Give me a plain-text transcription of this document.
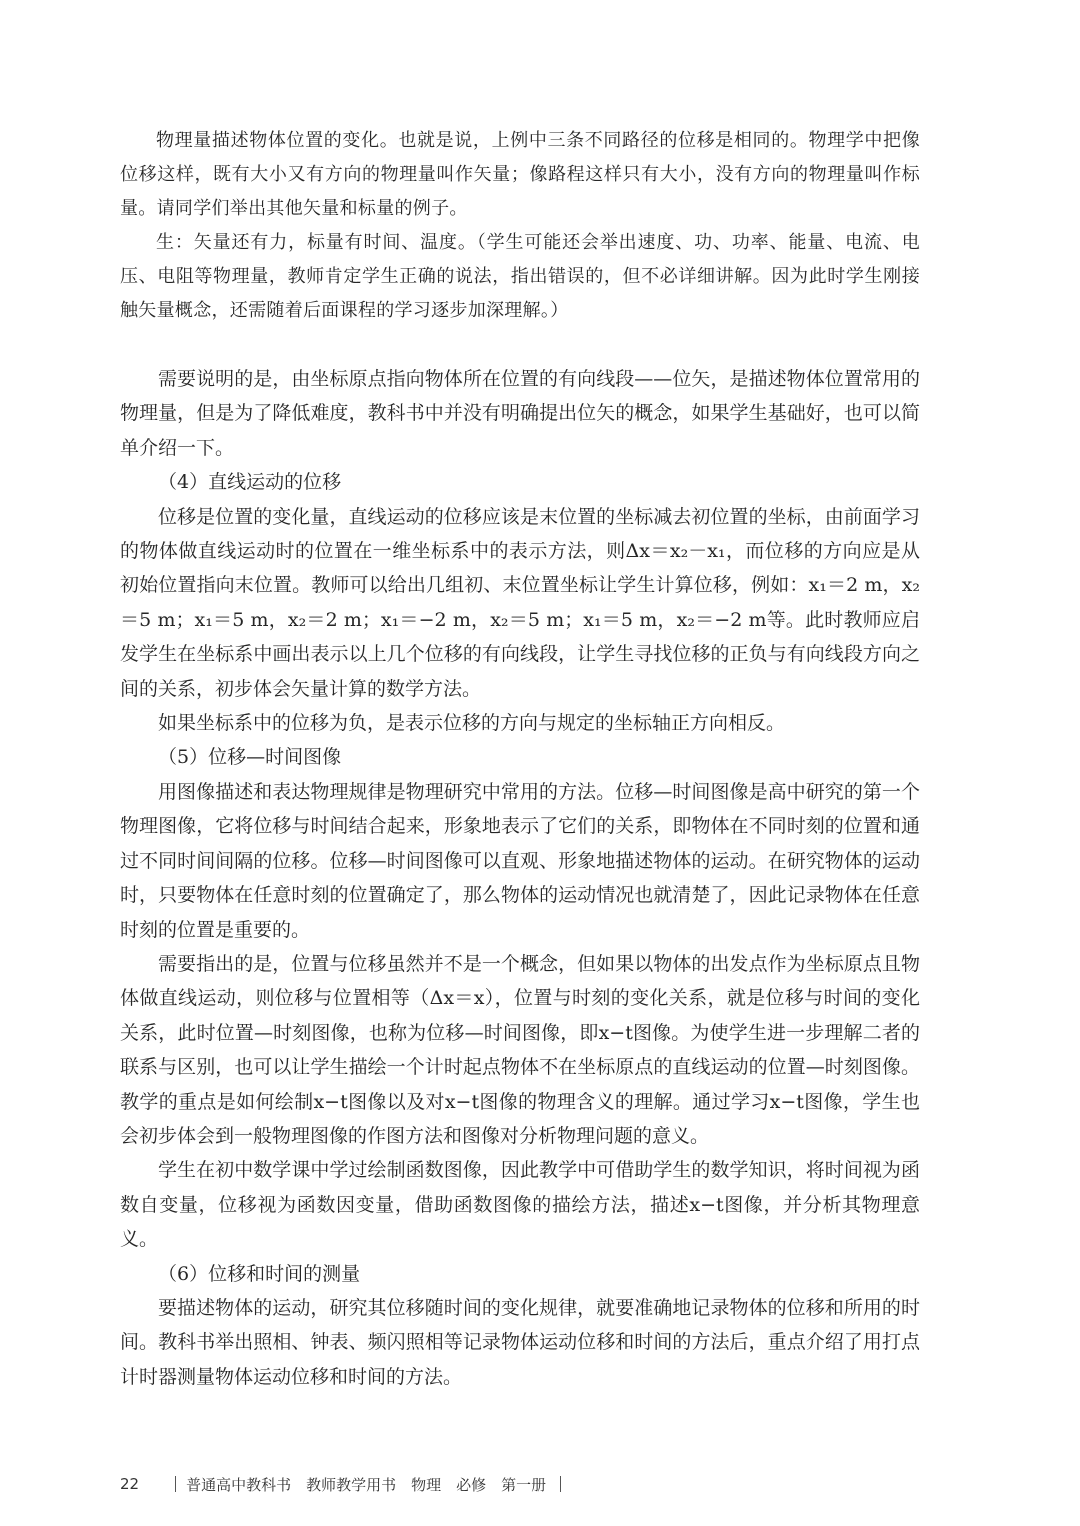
物理量描述物体位置的变化。也就是说，上例中三条不同路径的位移是相同的。物理学中把像位移这样，既有大小又有方向的物理量叫作矢量；像路程这样只有大小，没有方向的物理量叫作标量。请同学们举出其他矢量和标量的例子。

生：矢量还有力，标量有时间、温度。（学生可能还会举出速度、功、功率、能量、电流、电压、电阻等物理量，教师肯定学生正确的说法，指出错误的，但不必详细讲解。因为此时学生刚接触矢量概念，还需随着后面课程的学习逐步加深理解。）

需要说明的是，由坐标原点指向物体所在位置的有向线段——位矢，是描述物体位置常用的物理量，但是为了降低难度，教科书中并没有明确提出位矢的概念，如果学生基础好，也可以简单介绍一下。

（4）直线运动的位移

位移是位置的变化量，直线运动的位移应该是末位置的坐标减去初位置的坐标，由前面学习的物体做直线运动时的位置在一维坐标系中的表示方法，则Δx＝x₂－x₁，而位移的方向应是从初始位置指向末位置。教师可以给出几组初、末位置坐标让学生计算位移，例如：x₁＝2 m，x₂＝5 m；x₁＝5 m，x₂＝2 m；x₁＝−2 m，x₂＝5 m；x₁＝5 m，x₂＝−2 m等。此时教师应启发学生在坐标系中画出表示以上几个位移的有向线段，让学生寻找位移的正负与有向线段方向之间的关系，初步体会矢量计算的数学方法。

如果坐标系中的位移为负，是表示位移的方向与规定的坐标轴正方向相反。

（5）位移—时间图像

用图像描述和表达物理规律是物理研究中常用的方法。位移—时间图像是高中研究的第一个物理图像，它将位移与时间结合起来，形象地表示了它们的关系，即物体在不同时刻的位置和通过不同时间间隔的位移。位移—时间图像可以直观、形象地描述物体的运动。在研究物体的运动时，只要物体在任意时刻的位置确定了，那么物体的运动情况也就清楚了，因此记录物体在任意时刻的位置是重要的。

需要指出的是，位置与位移虽然并不是一个概念，但如果以物体的出发点作为坐标原点且物体做直线运动，则位移与位置相等（Δx＝x），位置与时刻的变化关系，就是位移与时间的变化关系，此时位置—时刻图像，也称为位移—时间图像，即x−t图像。为使学生进一步理解二者的联系与区别，也可以让学生描绘一个计时起点物体不在坐标原点的直线运动的位置—时刻图像。教学的重点是如何绘制x−t图像以及对x−t图像的物理含义的理解。通过学习x−t图像，学生也会初步体会到一般物理图像的作图方法和图像对分析物理问题的意义。

学生在初中数学课中学过绘制函数图像，因此教学中可借助学生的数学知识，将时间视为函数自变量，位移视为函数因变量，借助函数图像的描绘方法，描述x−t图像，并分析其物理意义。

（6）位移和时间的测量

要描述物体的运动，研究其位移随时间的变化规律，就要准确地记录物体的位移和所用的时间。教科书举出照相、钟表、频闪照相等记录物体运动位移和时间的方法后，重点介绍了用打点计时器测量物体运动位移和时间的方法。

22	普通高中教科书　教师教学用书　物理　必修　第一册
